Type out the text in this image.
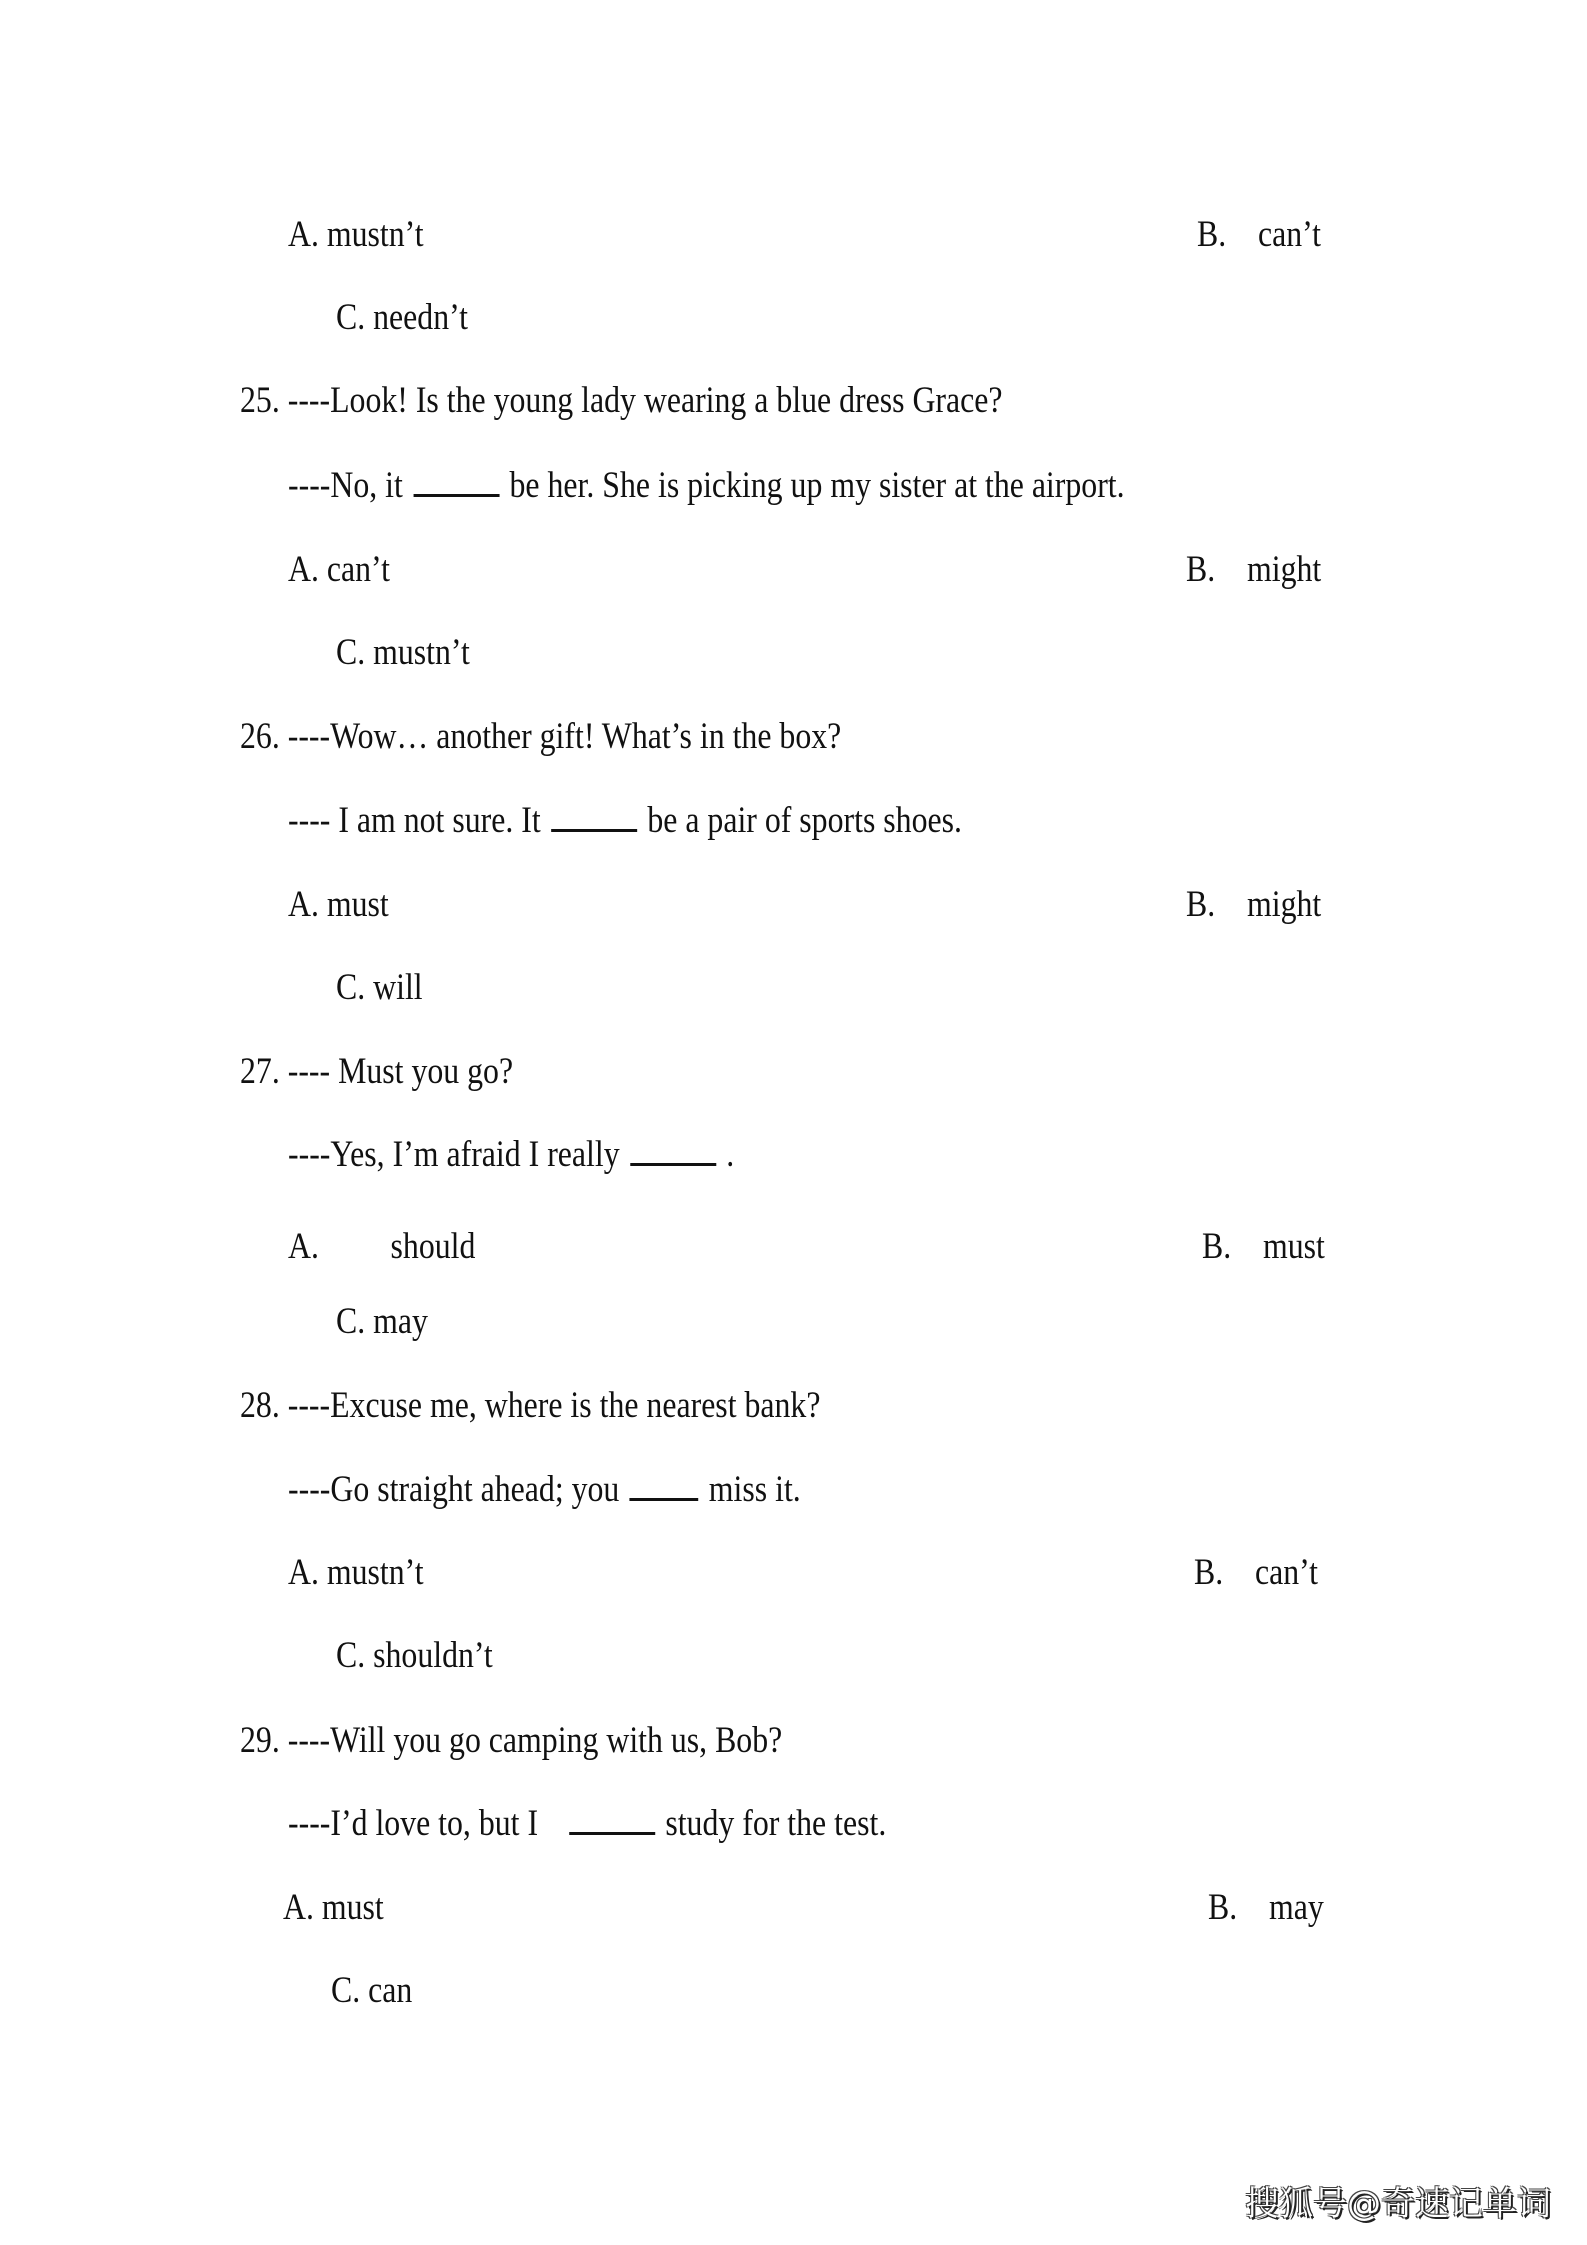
A. mustn’t	B.    can’t
C. needn’t
25. ----Look! Is the young lady wearing a blue dress Grace?
----No, it	be her. She is picking up my sister at the airport.
A. can’t	B.    might
C. mustn’t
26. ----Wow… another gift! What’s in the box?
---- I am not sure. It	be a pair of sports shoes.
A. must	B.    might
C. will
27. ---- Must you go?
----Yes, I’m afraid I really	.
A.         should	B.    must
C. may
28. ----Excuse me, where is the nearest bank?
----Go straight ahead; you miss it.
A. mustn’t	B.    can’t
C. shouldn’t
29. ----Will you go camping with us, Bob?
----I’d love to, but I	study for the test.
A. must	B.    may
C. can
搜狐号@奇速记单词
